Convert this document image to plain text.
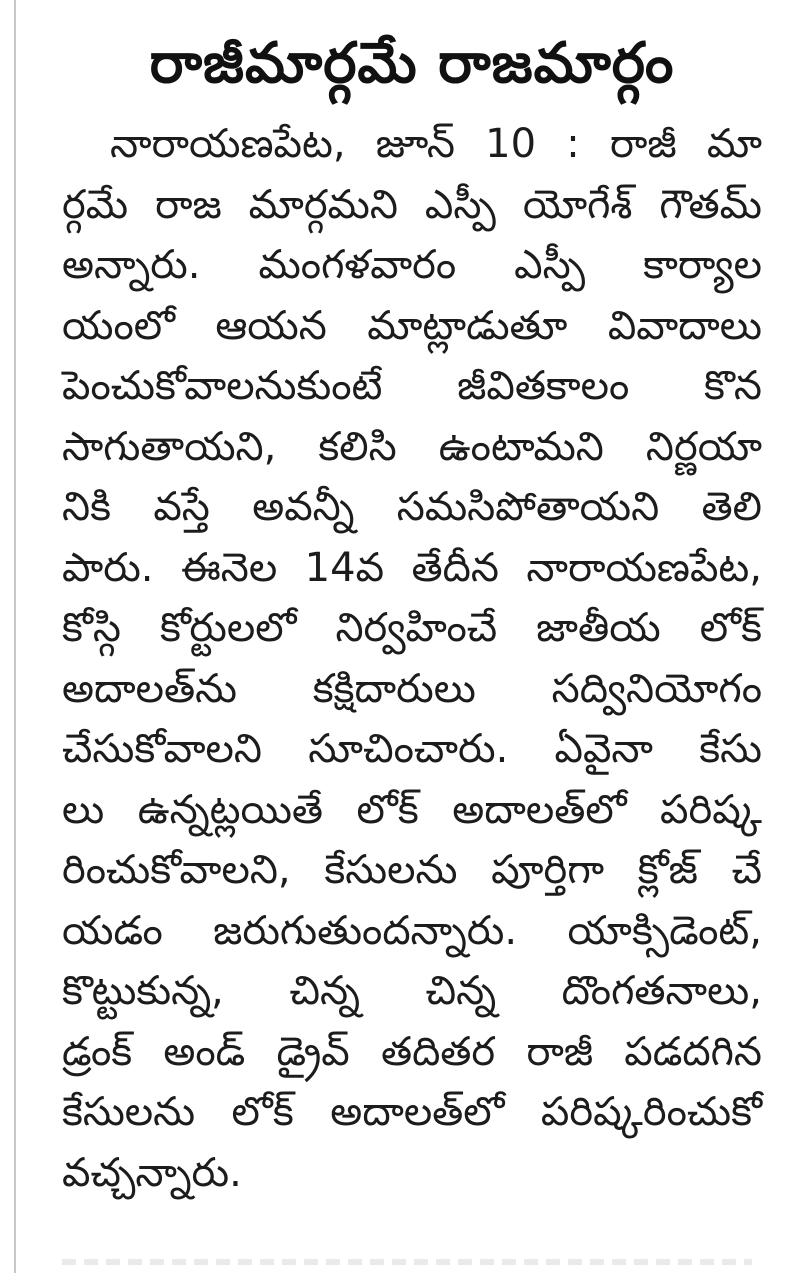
రాజీమార్గమే రాజమార్గం
నారాయణపేట, జూన్ 10 : రాజీ మా
ర్గమే రాజ మార్గమని ఎస్పీ యోగేశ్ గౌతమ్
అన్నారు. మంగళవారం ఎస్పీ కార్యాల
యంలో ఆయన మాట్లాడుతూ వివాదాలు
పెంచుకోవాలనుకుంటే జీవితకాలం కొన
సాగుతాయని, కలిసి ఉంటామని నిర్ణయా
నికి వస్తే అవన్నీ సమసిపోతాయని తెలి
పారు. ఈనెల 14వ తేదీన నారాయణపేట,
కోస్గి కోర్టులలో నిర్వహించే జాతీయ లోక్
అదాలత్‌ను కక్షిదారులు సద్వినియోగం
చేసుకోవాలని సూచించారు. ఏవైనా కేసు
లు ఉన్నట్లయితే లోక్ అదాలత్‌లో పరిష్క
రించుకోవాలని, కేసులను పూర్తిగా క్లోజ్ చే
యడం జరుగుతుందన్నారు. యాక్సిడెంట్,
కొట్టుకున్న, చిన్న చిన్న దొంగతనాలు,
డ్రంక్ అండ్ డ్రైవ్ తదితర రాజీ పడదగిన
కేసులను లోక్ అదాలత్‌లో పరిష్కరించుకో
వచ్చన్నారు.
